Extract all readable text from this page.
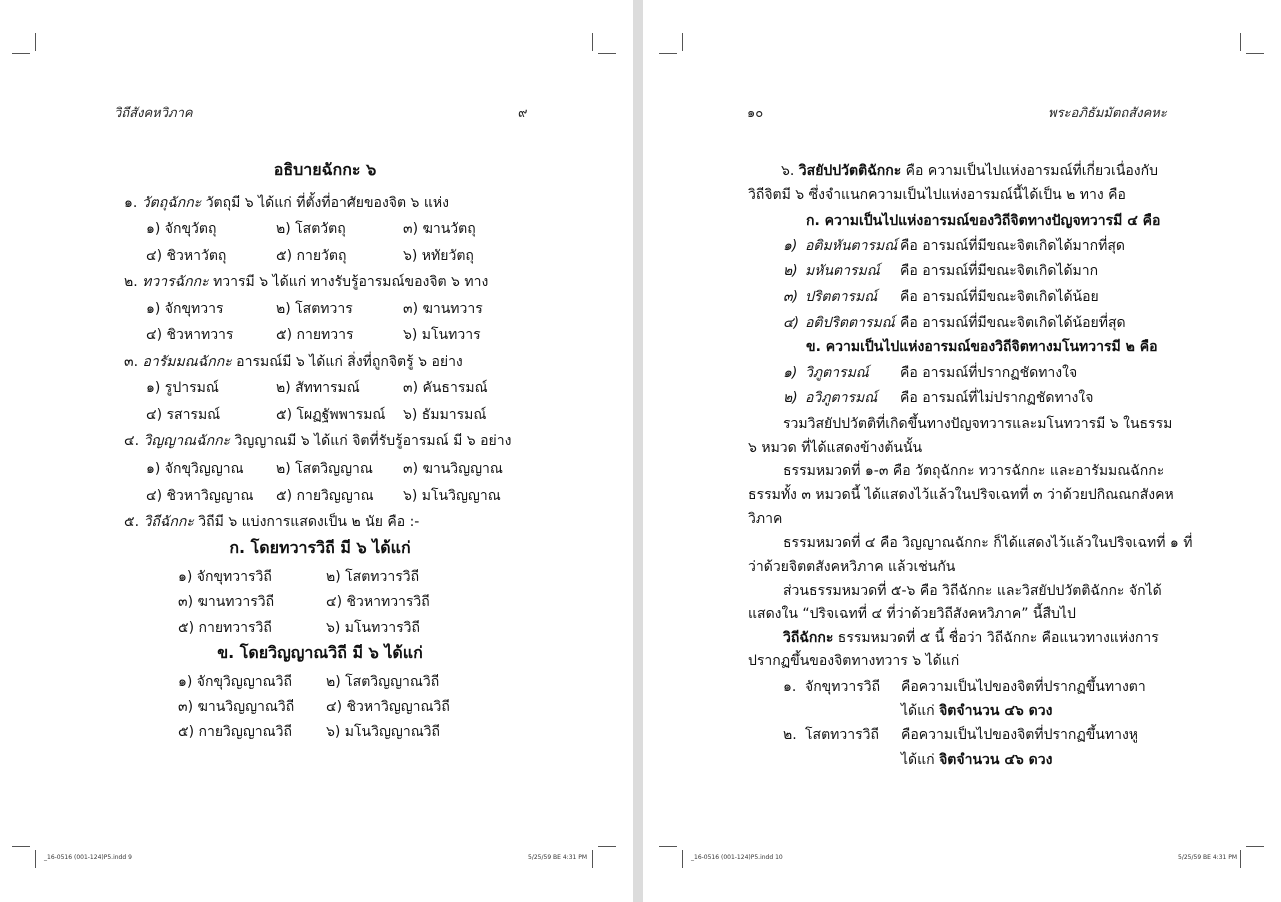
วิถีสังคหวิภาค	๙
อธิบายฉักกะ ๖
๑. วัตถุฉักกะ วัตถุมี ๖ ได้แก่ ที่ตั้งที่อาศัยของจิต ๖ แห่ง
๑) จักขุวัตถุ	๒) โสตวัตถุ	๓) ฆานวัตถุ
๔) ชิวหาวัตถุ	๕) กายวัตถุ	๖) หทัยวัตถุ
๒. ทวารฉักกะ ทวารมี ๖ ได้แก่ ทางรับรู้อารมณ์ของจิต ๖ ทาง
๑) จักขุทวาร	๒) โสตทวาร	๓) ฆานทวาร
๔) ชิวหาทวาร	๕) กายทวาร	๖) มโนทวาร
๓. อารัมมณฉักกะ อารมณ์มี ๖ ได้แก่ สิ่งที่ถูกจิตรู้ ๖ อย่าง
๑) รูปารมณ์	๒) สัททารมณ์	๓) คันธารมณ์
๔) รสารมณ์	๕) โผฏฐัพพารมณ์ ๖) ธัมมารมณ์
๔. วิญญาณฉักกะ วิญญาณมี ๖ ได้แก่ จิตที่รับรู้อารมณ์ มี ๖ อย่าง
๑) จักขุวิญญาณ ๒) โสตวิญญาณ ๓) ฆานวิญญาณ
๔) ชิวหาวิญญาณ ๕) กายวิญญาณ ๖) มโนวิญญาณ
๕. วิถีฉักกะ วิถีมี ๖ แบ่งการแสดงเป็น ๒ นัย คือ :-
ก. โดยทวารวิถี มี ๖ ได้แก่
๑) จักขุทวารวิถี	๒) โสตทวารวิถี
๓) ฆานทวารวิถี	๔) ชิวหาทวารวิถี
๕) กายทวารวิถี	๖) มโนทวารวิถี
ข. โดยวิญญาณวิถี มี ๖ ได้แก่
๑) จักขุวิญญาณวิถี ๒) โสตวิญญาณวิถี
๓) ฆานวิญญาณวิถี ๔) ชิวหาวิญญาณวิถี
๕) กายวิญญาณวิถี ๖) มโนวิญญาณวิถี
_16-0516 (001-124)P5.indd 9	5/25/59 BE 4:31 PM
๑๐	พระอภิธัมมัตถสังคหะ
๖. วิสยัปปวัตติฉักกะ คือ ความเป็นไปแห่งอารมณ์ที่เกี่ยวเนื่องกับ
วิถีจิตมี ๖ ซึ่งจำแนกความเป็นไปแห่งอารมณ์นี้ได้เป็น ๒ ทาง คือ
ก. ความเป็นไปแห่งอารมณ์ของวิถีจิตทางปัญจทวารมี ๔ คือ
๑) อติมหันตารมณ์ คือ อารมณ์ที่มีขณะจิตเกิดได้มากที่สุด
๒) มหันตารมณ์ คือ อารมณ์ที่มีขณะจิตเกิดได้มาก
๓) ปริตตารมณ์ คือ อารมณ์ที่มีขณะจิตเกิดได้น้อย
๔) อติปริตตารมณ์ คือ อารมณ์ที่มีขณะจิตเกิดได้น้อยที่สุด
ข. ความเป็นไปแห่งอารมณ์ของวิถีจิตทางมโนทวารมี ๒ คือ
๑) วิภูตารมณ์ คือ อารมณ์ที่ปรากฏชัดทางใจ
๒) อวิภูตารมณ์ คือ อารมณ์ที่ไม่ปรากฏชัดทางใจ
รวมวิสยัปปวัตติที่เกิดขึ้นทางปัญจทวารและมโนทวารมี ๖ ในธรรม
๖ หมวด ที่ได้แสดงข้างต้นนั้น
ธรรมหมวดที่ ๑-๓ คือ วัตถุฉักกะ ทวารฉักกะ และอารัมมณฉักกะ
ธรรมทั้ง ๓ หมวดนี้ ได้แสดงไว้แล้วในปริจเฉทที่ ๓ ว่าด้วยปกิณณกสังคห
วิภาค
ธรรมหมวดที่ ๔ คือ วิญญาณฉักกะ ก็ได้แสดงไว้แล้วในปริจเฉทที่ ๑ ที่
ว่าด้วยจิตตสังคหวิภาค แล้วเช่นกัน
ส่วนธรรมหมวดที่ ๕-๖ คือ วิถีฉักกะ และวิสยัปปวัตติฉักกะ จักได้
แสดงใน “ปริจเฉทที่ ๔ ที่ว่าด้วยวิถีสังคหวิภาค” นี้สืบไป
วิถีฉักกะ ธรรมหมวดที่ ๕ นี้ ชื่อว่า วิถีฉักกะ คือแนวทางแห่งการ
ปรากฏขึ้นของจิตทางทวาร ๖ ได้แก่
๑. จักขุทวารวิถี คือความเป็นไปของจิตที่ปรากฏขึ้นทางตา
ได้แก่ จิตจำนวน ๔๖ ดวง
๒. โสตทวารวิถี คือความเป็นไปของจิตที่ปรากฏขึ้นทางหู
ได้แก่ จิตจำนวน ๔๖ ดวง
_16-0516 (001-124)P5.indd 10	5/25/59 BE 4:31 PM
